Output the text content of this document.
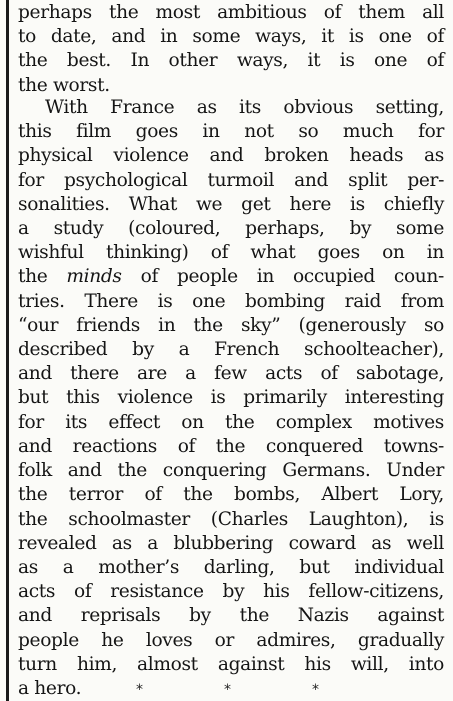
perhaps the most ambitious of them all
to date, and in some ways, it is one of
the best. In other ways, it is one of
the worst.
With France as its obvious setting,
this film goes in not so much for
physical violence and broken heads as
for psychological turmoil and split per-
sonalities. What we get here is chiefly
a study (coloured, perhaps, by some
wishful thinking) of what goes on in
the minds of people in occupied coun-
tries. There is one bombing raid from
“our friends in the sky” (generously so
described by a French schoolteacher),
and there are a few acts of sabotage,
but this violence is primarily interesting
for its effect on the complex motives
and reactions of the conquered towns-
folk and the conquering Germans. Under
the terror of the bombs, Albert Lory,
the schoolmaster (Charles Laughton), is
revealed as a blubbering coward as well
as a mother’s darling, but individual
acts of resistance by his fellow-citizens,
and reprisals by the Nazis against
people he loves or admires, gradually
turn him, almost against his will, into
a hero.	*	*	*
